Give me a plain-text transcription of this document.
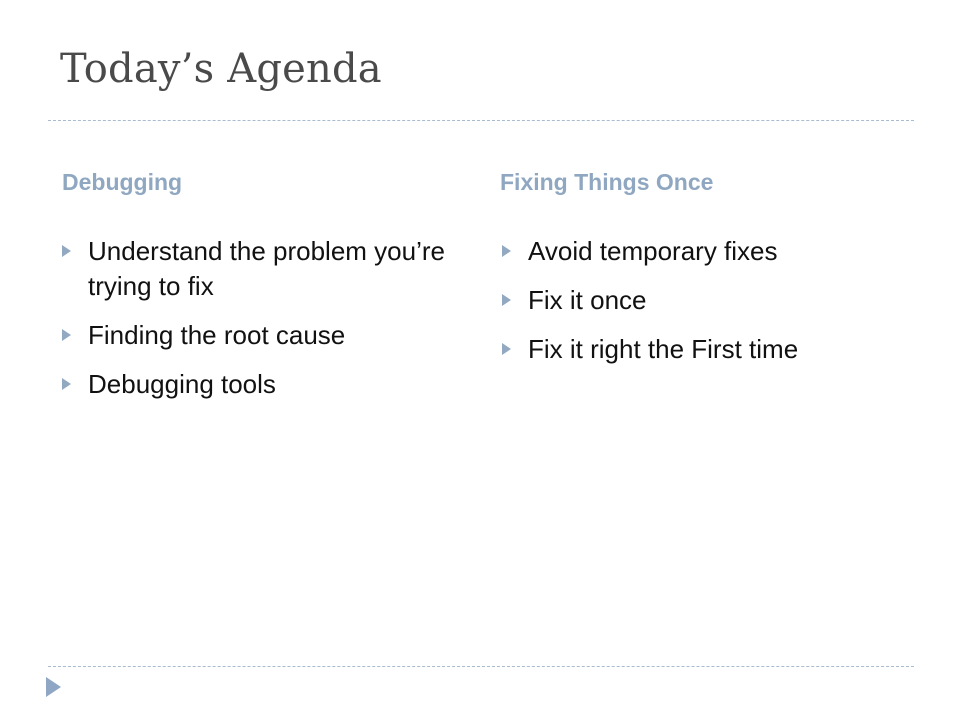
Today’s Agenda
Debugging	Fixing Things Once
Understand the problem you’re trying to fix
Finding the root cause
Debugging tools
Avoid temporary fixes
Fix it once
Fix it right the First time
